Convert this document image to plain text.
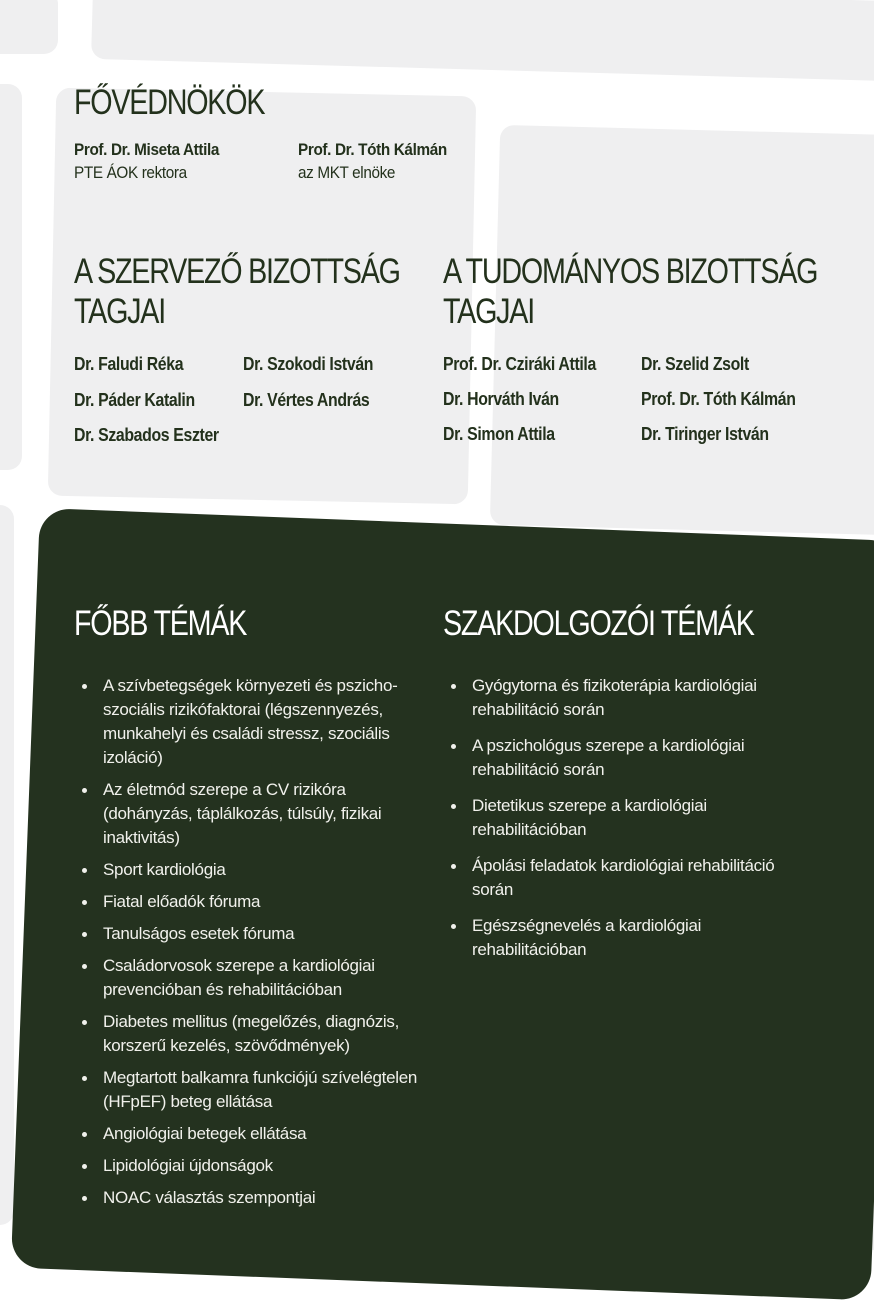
FŐVÉDNÖKÖK
Prof. Dr. Miseta Attila
PTE ÁOK rektora
Prof. Dr. Tóth Kálmán
az MKT elnöke
A SZERVEZŐ BIZOTTSÁG
TAGJAI
Dr. Faludi Réka	Dr. Szokodi István
Dr. Páder Katalin	Dr. Vértes András
Dr. Szabados Eszter
A TUDOMÁNYOS BIZOTTSÁG
TAGJAI
Prof. Dr. Cziráki Attila	Dr. Szelid Zsolt
Dr. Horváth Iván	Prof. Dr. Tóth Kálmán
Dr. Simon Attila	Dr. Tiringer István
FŐBB TÉMÁK
A szívbetegségek környezeti és pszicho-szociális rizikófaktorai (légszennyezés, munkahelyi és családi stressz, szociális izoláció)
Az életmód szerepe a CV rizikóra (dohányzás, táplálkozás, túlsúly, fizikai inaktivitás)
Sport kardiológia
Fiatal előadók fóruma
Tanulságos esetek fóruma
Családorvosok szerepe a kardiológiai prevencióban és rehabilitációban
Diabetes mellitus (megelőzés, diagnózis, korszerű kezelés, szövődmények)
Megtartott balkamra funkciójú szívelégtelen (HFpEF) beteg ellátása
Angiológiai betegek ellátása
Lipidológiai újdonságok
NOAC választás szempontjai
SZAKDOLGOZÓI TÉMÁK
Gyógytorna és fizikoterápia kardiológiai rehabilitáció során
A pszichológus szerepe a kardiológiai rehabilitáció során
Dietetikus szerepe a kardiológiai rehabilitációban
Ápolási feladatok kardiológiai rehabilitáció során
Egészségnevelés a kardiológiai rehabilitációban
